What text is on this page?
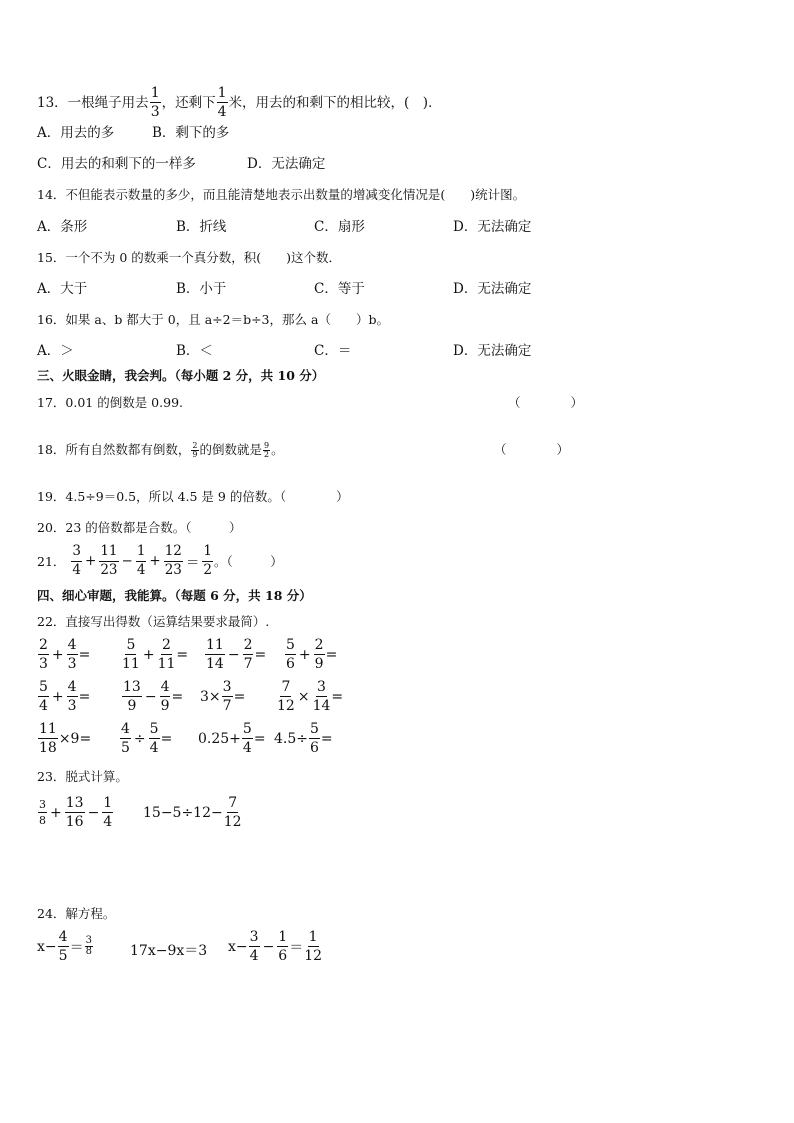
13．一根绳子用去 $\frac{1}{3}$ ，还剩下 $\frac{1}{4}$ 米，用去的和剩下的相比较，(　)．
A．用去的多	B．剩下的多
C．用去的和剩下的一样多	D．无法确定
14．不但能表示数量的多少，而且能清楚地表示出数量的增减变化情况是(　　)统计图。
A．条形	B．折线	C．扇形	D．无法确定
15．一个不为 0 的数乘一个真分数，积(　　)这个数．
A．大于	B．小于	C．等于	D．无法确定
16．如果 a、b 都大于 0，且 a÷2＝b÷3，那么 a（　　）b。
A．＞	B．＜	C．＝	D．无法确定
三、火眼金睛，我会判。（每小题 2 分，共 10 分）
17．0.01 的倒数是 0.99.	（　　　　）
18．所有自然数都有倒数， $\frac{2}{9}$ 的倒数就是 $\frac{9}{2}$ 。	（　　　　）
19．4.5÷9＝0.5，所以 4.5 是 9 的倍数。（　　　　）
20．23 的倍数都是合数。（　　　）
21． $\frac{3}{4} + \frac{11}{23} - \frac{1}{4} + \frac{12}{23} = \frac{1}{2}$ 。（　　　）
四、细心审题，我能算。（每题 6 分，共 18 分）
22．直接写出得数（运算结果要求最简）.
$\frac{2}{3} + \frac{4}{3} = \frac{5}{11} + \frac{2}{11} = \frac{11}{14} - \frac{2}{7} = \frac{5}{6} + \frac{2}{9}$ =
$\frac{5}{4} + \frac{4}{3} = \frac{13}{9} - \frac{4}{9} = 3\times \frac{3}{7} = \frac{7}{12} \times \frac{3}{14}$ =
$\frac{11}{18} \times 9= \frac{4}{5} \div \frac{5}{4} = 0.25+ \frac{5}{4} = 4.5\div \frac{5}{6}$ =
23．脱式计算。
$\frac{3}{8} + \frac{13}{16} - \frac{1}{4} 15-5\div 12- \frac{7}{12}$
24．解方程。
$x- \frac{4}{5} = \frac{3}{8}$	17x−9x＝3 $x- \frac{3}{4} - \frac{1}{6} = \frac{1}{12}$
